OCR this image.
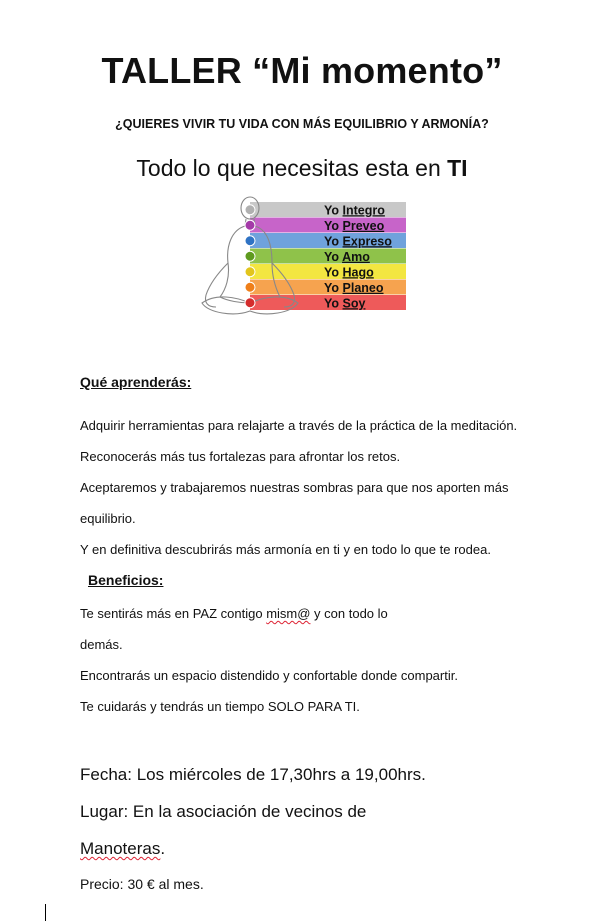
TALLER “Mi momento”
¿QUIERES VIVIR TU VIDA CON MÁS EQUILIBRIO Y ARMONÍA?
Todo lo que necesitas esta en TI
Yo Integro
Yo Preveo
Yo Expreso
Yo Amo
Yo Hago
Yo Planeo
Yo Soy
Qué aprenderás:
Adquirir herramientas para relajarte a través de la práctica de la meditación.
Reconocerás más tus fortalezas para afrontar los retos.
Aceptaremos y trabajaremos nuestras sombras para que nos aporten más
equilibrio.
Y en definitiva descubrirás más armonía en ti y en todo lo que te rodea.
Beneficios:
Te sentirás más en PAZ contigo mism@ y con todo lo
demás.
Encontrarás un espacio distendido y confortable donde compartir.
Te cuidarás y tendrás un tiempo SOLO PARA TI.
Fecha: Los miércoles de 17,30hrs a 19,00hrs.
Lugar: En la asociación de vecinos de
Manoteras.
Precio: 30 € al mes.
